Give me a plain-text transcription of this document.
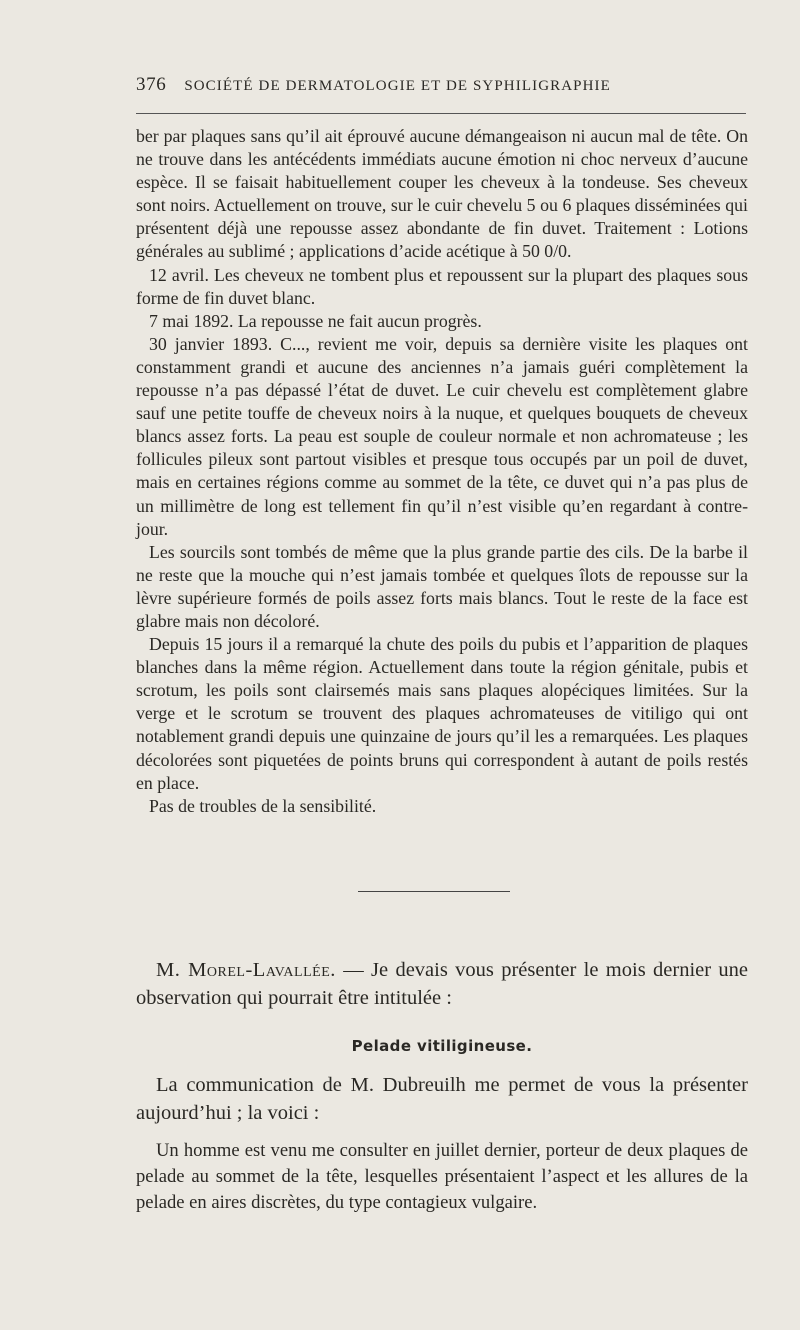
376 SOCIÉTÉ DE DERMATOLOGIE ET DE SYPHILIGRAPHIE

ber par plaques sans qu’il ait éprouvé aucune démangeaison ni aucun mal de tête. On ne trouve dans les antécédents immédiats aucune émotion ni choc nerveux d’aucune espèce. Il se faisait habituellement couper les cheveux à la tondeuse. Ses cheveux sont noirs. Actuellement on trouve, sur le cuir chevelu 5 ou 6 plaques disséminées qui présentent déjà une repousse assez abondante de fin duvet. Traitement : Lotions générales au sublimé ; applications d’acide acétique à 50 0/0.

12 avril. Les cheveux ne tombent plus et repoussent sur la plupart des plaques sous forme de fin duvet blanc.

7 mai 1892. La repousse ne fait aucun progrès.

30 janvier 1893. C..., revient me voir, depuis sa dernière visite les plaques ont constamment grandi et aucune des anciennes n’a jamais guéri complètement la repousse n’a pas dépassé l’état de duvet. Le cuir chevelu est complètement glabre sauf une petite touffe de cheveux noirs à la nuque, et quelques bouquets de cheveux blancs assez forts. La peau est souple de couleur normale et non achromateuse ; les follicules pileux sont partout visibles et presque tous occupés par un poil de duvet, mais en certaines régions comme au sommet de la tête, ce duvet qui n’a pas plus de un millimètre de long est tellement fin qu’il n’est visible qu’en regardant à contre-jour.

Les sourcils sont tombés de même que la plus grande partie des cils. De la barbe il ne reste que la mouche qui n’est jamais tombée et quelques îlots de repousse sur la lèvre supérieure formés de poils assez forts mais blancs. Tout le reste de la face est glabre mais non décoloré.

Depuis 15 jours il a remarqué la chute des poils du pubis et l’apparition de plaques blanches dans la même région. Actuellement dans toute la région génitale, pubis et scrotum, les poils sont clairsemés mais sans plaques alopéciques limitées. Sur la verge et le scrotum se trouvent des plaques achromateuses de vitiligo qui ont notablement grandi depuis une quinzaine de jours qu’il les a remarquées. Les plaques décolorées sont piquetées de points bruns qui correspondent à autant de poils restés en place.

Pas de troubles de la sensibilité.

M. Morel-Lavallée. — Je devais vous présenter le mois dernier une observation qui pourrait être intitulée :

Pelade vitiligineuse.

La communication de M. Dubreuilh me permet de vous la présenter aujourd’hui ; la voici :

Un homme est venu me consulter en juillet dernier, porteur de deux plaques de pelade au sommet de la tête, lesquelles présentaient l’aspect et les allures de la pelade en aires discrètes, du type contagieux vulgaire.
